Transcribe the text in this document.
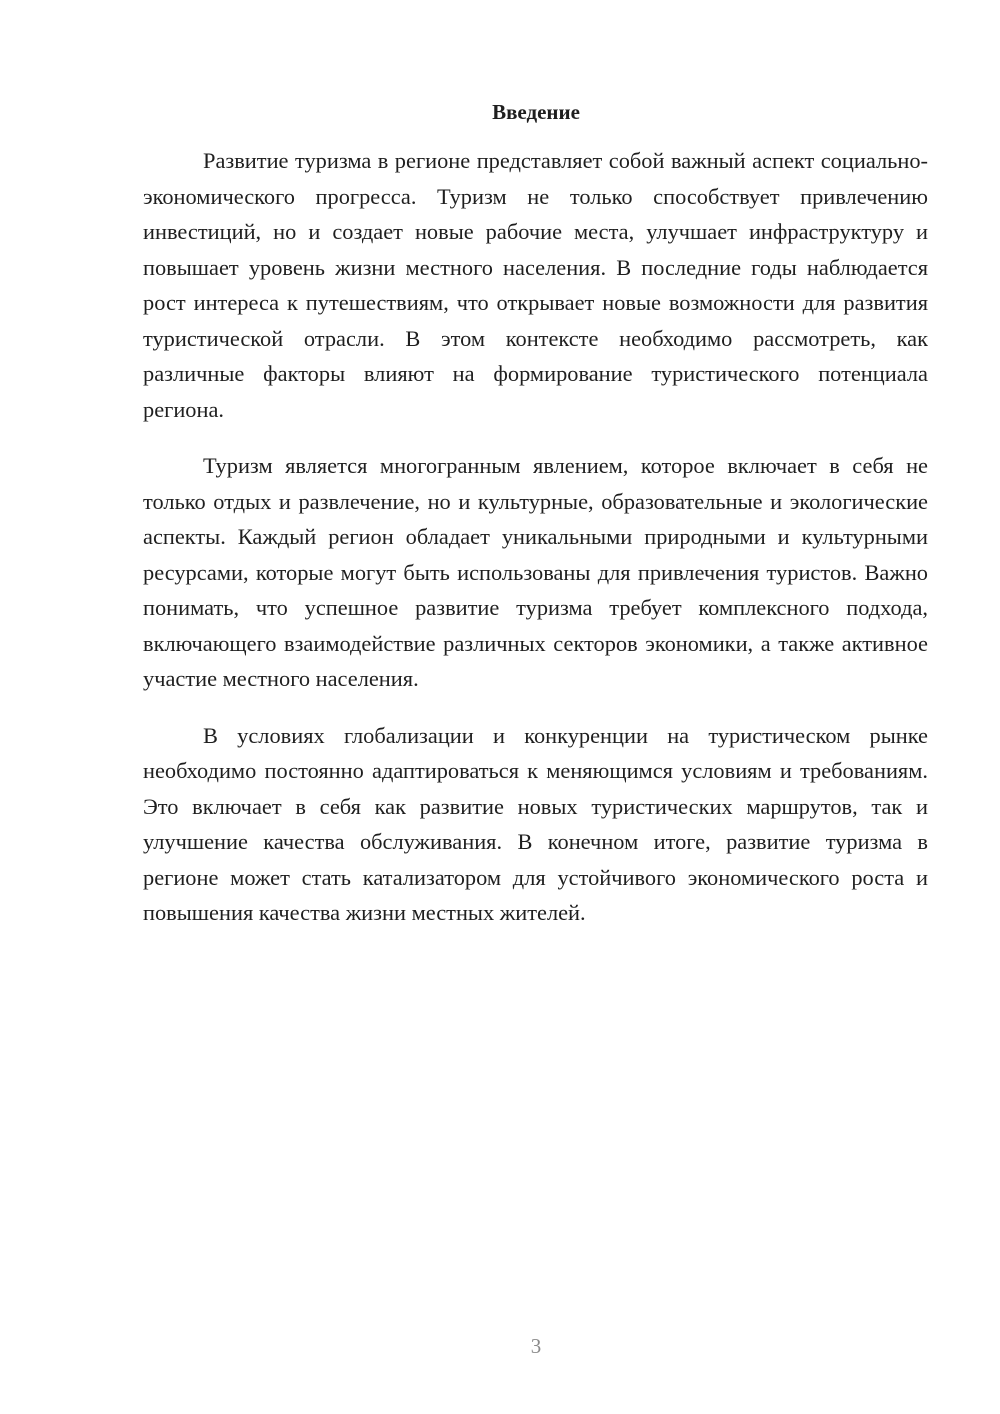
Введение

Развитие туризма в регионе представляет собой важный аспект социально-экономического прогресса. Туризм не только способствует привлечению инвестиций, но и создает новые рабочие места, улучшает инфраструктуру и повышает уровень жизни местного населения. В последние годы наблюдается рост интереса к путешествиям, что открывает новые возможности для развития туристической отрасли. В этом контексте необходимо рассмотреть, как различные факторы влияют на формирование туристического потенциала региона.

Туризм является многогранным явлением, которое включает в себя не только отдых и развлечение, но и культурные, образовательные и экологические аспекты. Каждый регион обладает уникальными природными и культурными ресурсами, которые могут быть использованы для привлечения туристов. Важно понимать, что успешное развитие туризма требует комплексного подхода, включающего взаимодействие различных секторов экономики, а также активное участие местного населения.

В условиях глобализации и конкуренции на туристическом рынке необходимо постоянно адаптироваться к меняющимся условиям и требованиям. Это включает в себя как развитие новых туристических маршрутов, так и улучшение качества обслуживания. В конечном итоге, развитие туризма в регионе может стать катализатором для устойчивого экономического роста и повышения качества жизни местных жителей.

3
